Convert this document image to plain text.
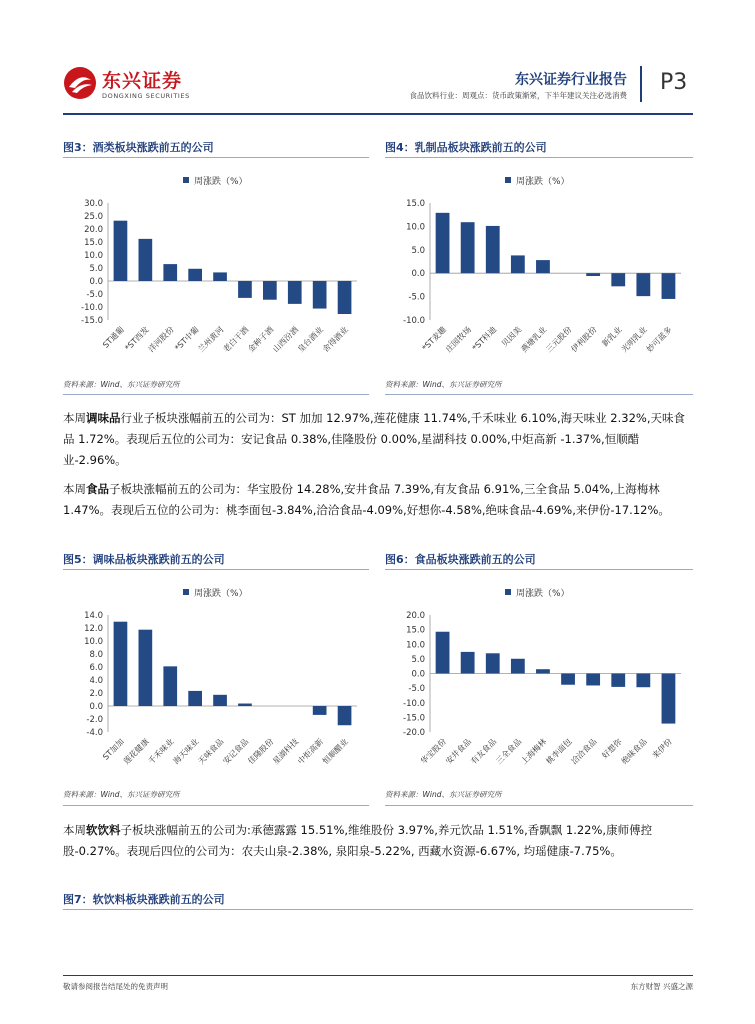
东兴证券
DONGXING SECURITIES
东兴证券行业报告
食品饮料行业：周观点：货币政策渐紧，下半年建议关注必选消费
P3
图3：酒类板块涨跌前五的公司	图4：乳制品板块涨跌前五的公司
周涨跌（%）
30.0
25.0
20.0
15.0
10.0
5.0
0.0
-5.0
-10.0
-15.0
ST通葡
*ST西发
洋河股份
*ST中葡
兰州黄河
老白干酒
金种子酒
山西汾酒
皇台酒业
舍得酒业
周涨跌（%）
15.0
10.0
5.0
0.0
-5.0
-10.0
*ST麦趣
庄园牧场
*ST科迪 贝因美
燕塘乳业
三元股份
伊利股份 新乳业
光明乳业
妙可蓝多
资料来源：Wind、东兴证券研究所	资料来源：Wind、东兴证券研究所
本周调味品行业子板块涨幅前五的公司为：ST 加加 12.97%,莲花健康 11.74%,千禾味业 6.10%,海天味业 2.32%,天味食品 1.72%。表现后五位的公司为：安记食品 0.38%,佳隆股份 0.00%,星湖科技 0.00%,中炬高新 -1.37%,恒顺醋业-2.96%。
本周食品子板块涨幅前五的公司为：华宝股份 14.28%,安井食品 7.39%,有友食品 6.91%,三全食品 5.04%,上海梅林 1.47%。表现后五位的公司为：桃李面包-3.84%,洽洽食品-4.09%,好想你-4.58%,绝味食品-4.69%,来伊份-17.12%。
图5：调味品板块涨跌前五的公司	图6：食品板块涨跌前五的公司
周涨跌（%）
14.0
12.0
10.0
8.0
6.0
4.0
2.0
0.0
-2.0
-4.0
ST加加
莲花健康
千禾味业
海天味业
天味食品
安记食品
佳隆股份
星湖科技
中炬高新
恒顺醋业
周涨跌（%）
20.0
15.0
10.0
5.0
0.0
-5.0
-10.0
-15.0
-20.0
华宝股份
安井食品
有友食品
三全食品
上海梅林
桃李面包
洽洽食品 好想你
绝味食品 来伊份
资料来源：Wind、东兴证券研究所	资料来源：Wind、东兴证券研究所
本周软饮料子板块涨幅前五的公司为:承德露露 15.51%,维维股份 3.97%,养元饮品 1.51%,香飘飘 1.22%,康师傅控股-0.27%。表现后四位的公司为：农夫山泉-2.38%, 泉阳泉-5.22%, 西藏水资源-6.67%, 均瑶健康-7.75%。
图7：软饮料板块涨跌前五的公司
敬请参阅报告结尾处的免责声明	东方财智 兴盛之源
